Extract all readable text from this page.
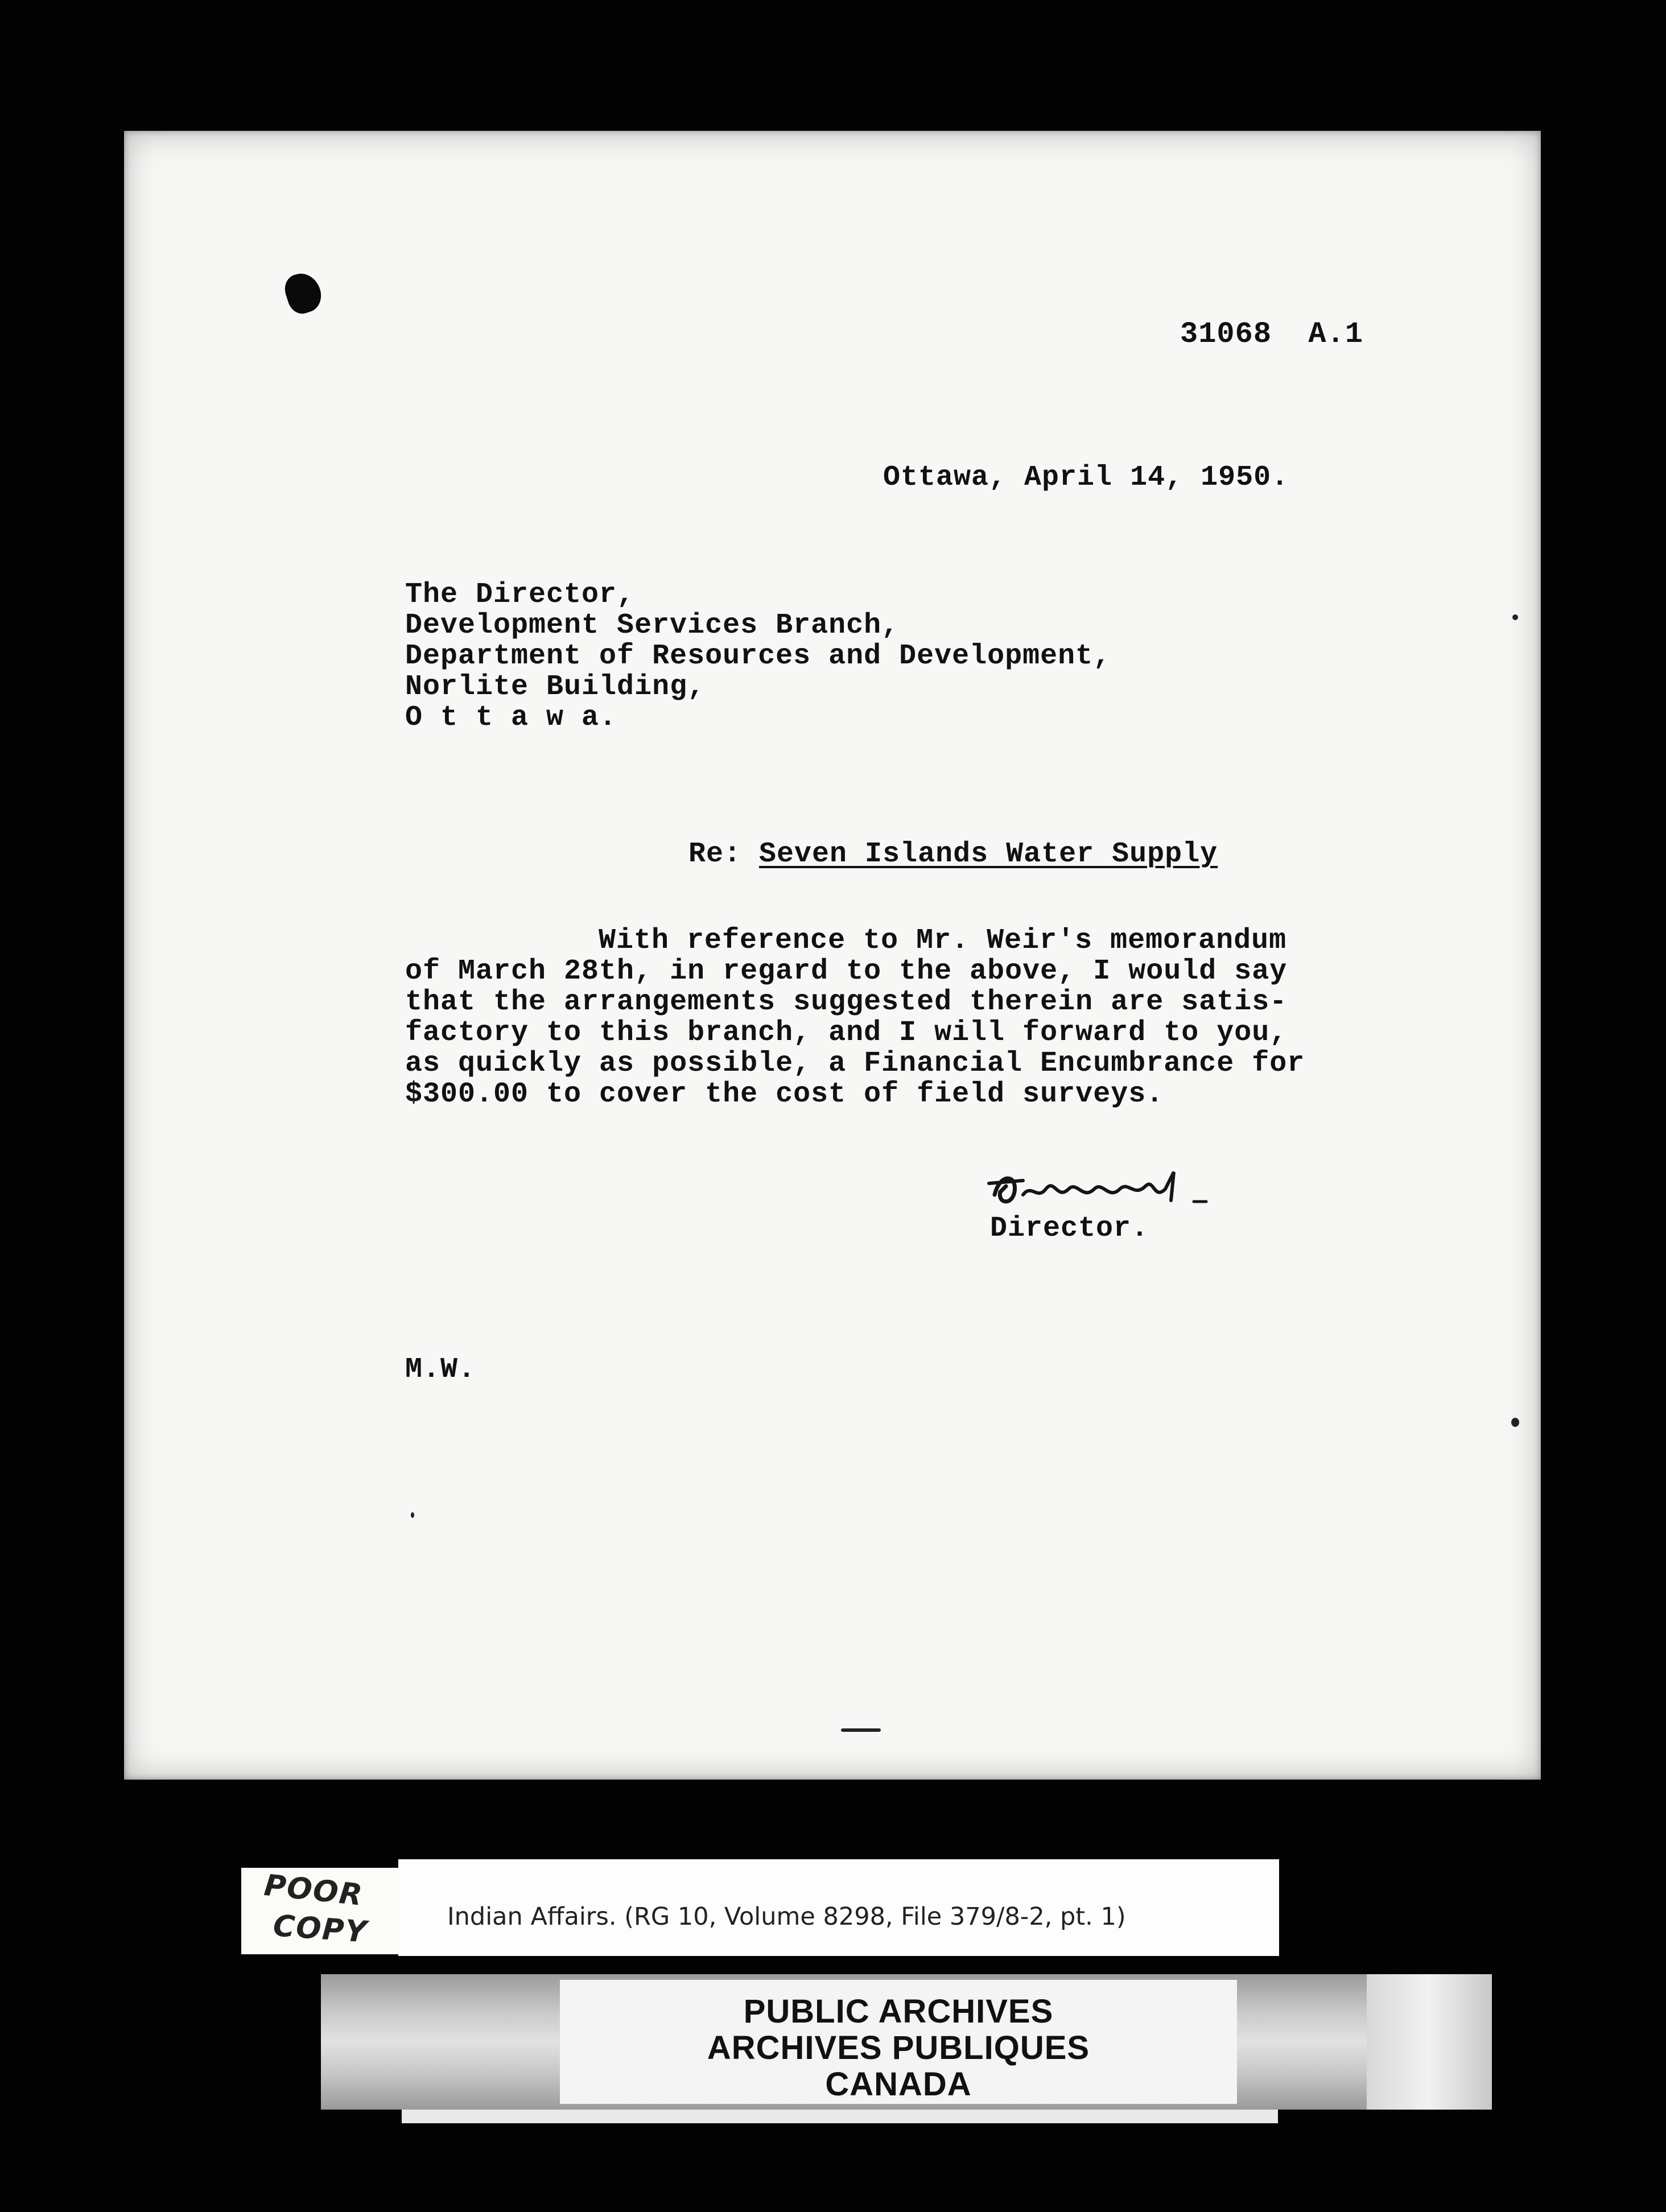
31068  A.1
Ottawa, April 14, 1950.
The Director,
Development Services Branch,
Department of Resources and Development,
Norlite Building,
O t t a w a.
Re: Seven Islands Water Supply
With reference to Mr. Weir's memorandum
of March 28th, in regard to the above, I would say
that the arrangements suggested therein are satis-
factory to this branch, and I will forward to you,
as quickly as possible, a Financial Encumbrance for
$300.00 to cover the cost of field surveys.
Director.
M.W.
POOR
COPY	Indian Affairs. (RG 10, Volume 8298, File 379/8-2, pt. 1)
PUBLIC ARCHIVES
ARCHIVES PUBLIQUES
CANADA
